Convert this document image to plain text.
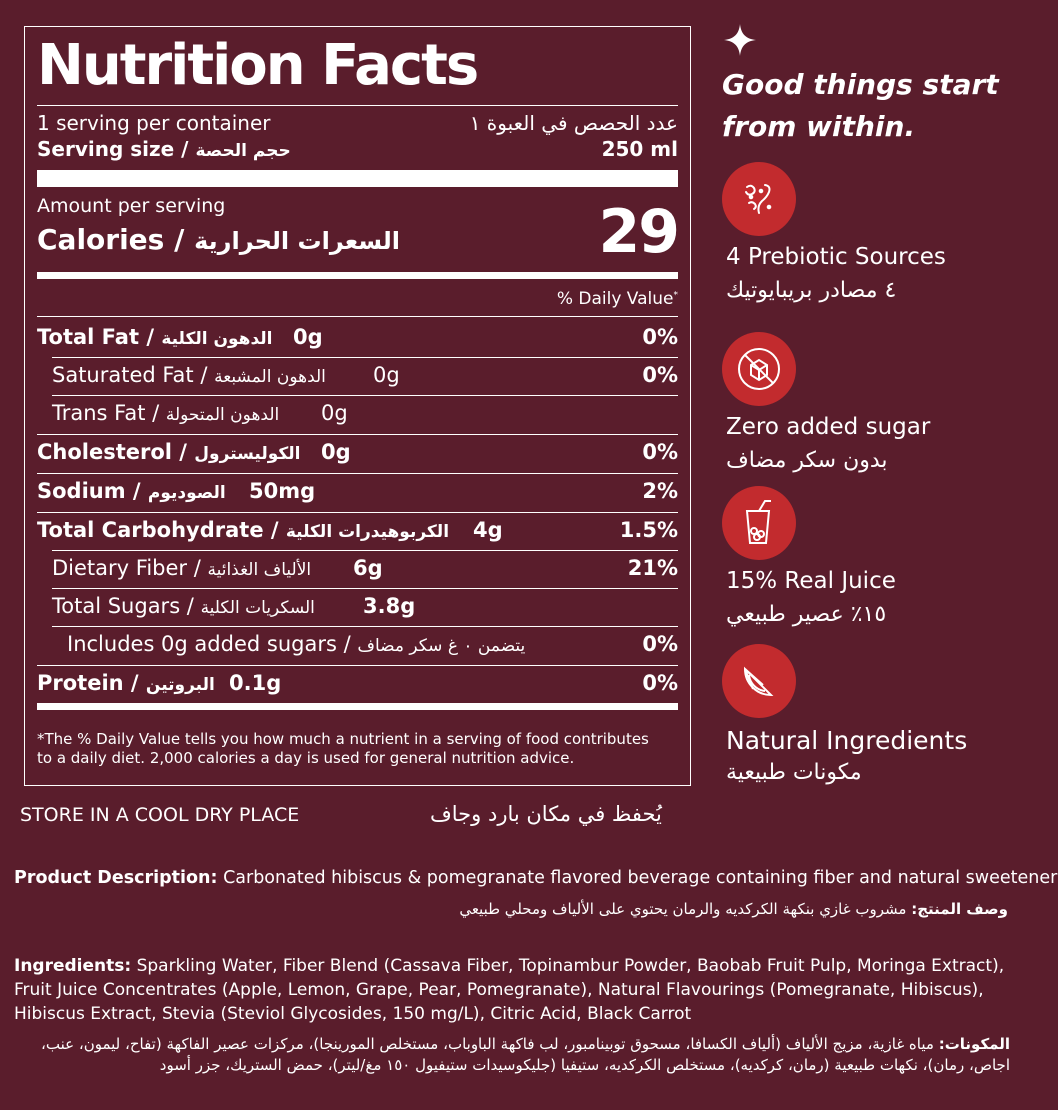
Nutrition Facts
1 serving per container	عدد الحصص في العبوة ١
Serving size / حجم الحصة	250 ml
Amount per serving
Calories / السعرات الحرارية	29
% Daily Value*
*The % Daily Value tells you how much a nutrient in a serving of food contributes
to a daily diet. 2,000 calories a day is used for general nutrition advice.
Total Fat / الدهون الكلية 0g	0%
Saturated Fat / الدهون المشبعة 0g	0%
Trans Fat / الدهون المتحولة 0g
Cholesterol / الكوليسترول 0g	0%
Sodium / الصوديوم 50mg	2%
Total Carbohydrate / الكربوهيدرات الكلية 4g	1.5%
Dietary Fiber / الألياف الغذائية 6g	21%
Total Sugars / السكريات الكلية 3.8g
Includes 0g added sugars / يتضمن ٠ غ سكر مضاف	0%
Protein / البروتين 0.1g	0%
Good things start
from within.
4 Prebiotic Sources
٤ مصادر بريبايوتيك
Zero added sugar
بدون سكر مضاف
15% Real Juice
١٥٪ عصير طبيعي
Natural Ingredients
مكونات طبيعية
STORE IN A COOL DRY PLACE	يُحفظ في مكان بارد وجاف
Product Description: Carbonated hibiscus & pomegranate flavored beverage containing fiber and natural sweetener
وصف المنتج: مشروب غازي بنكهة الكركديه والرمان يحتوي على الألياف ومحلي طبيعي
Ingredients: Sparkling Water, Fiber Blend (Cassava Fiber, Topinambur Powder, Baobab Fruit Pulp, Moringa Extract), Fruit Juice Concentrates (Apple, Lemon, Grape, Pear, Pomegranate), Natural Flavourings (Pomegranate, Hibiscus), Hibiscus Extract, Stevia (Steviol Glycosides, 150 mg/L), Citric Acid, Black Carrot
المكونات: مياه غازية، مزيج الألياف (ألياف الكسافا، مسحوق توبينامبور، لب فاكهة الباوباب، مستخلص المورينجا)، مركزات عصير الفاكهة (تفاح، ليمون، عنب، اجاص، رمان)، نكهات طبيعية (رمان، كركديه)، مستخلص الكركديه، ستيفيا (جليكوسيدات ستيفيول ١٥٠ مغ/ليتر)، حمض الستريك، جزر أسود
